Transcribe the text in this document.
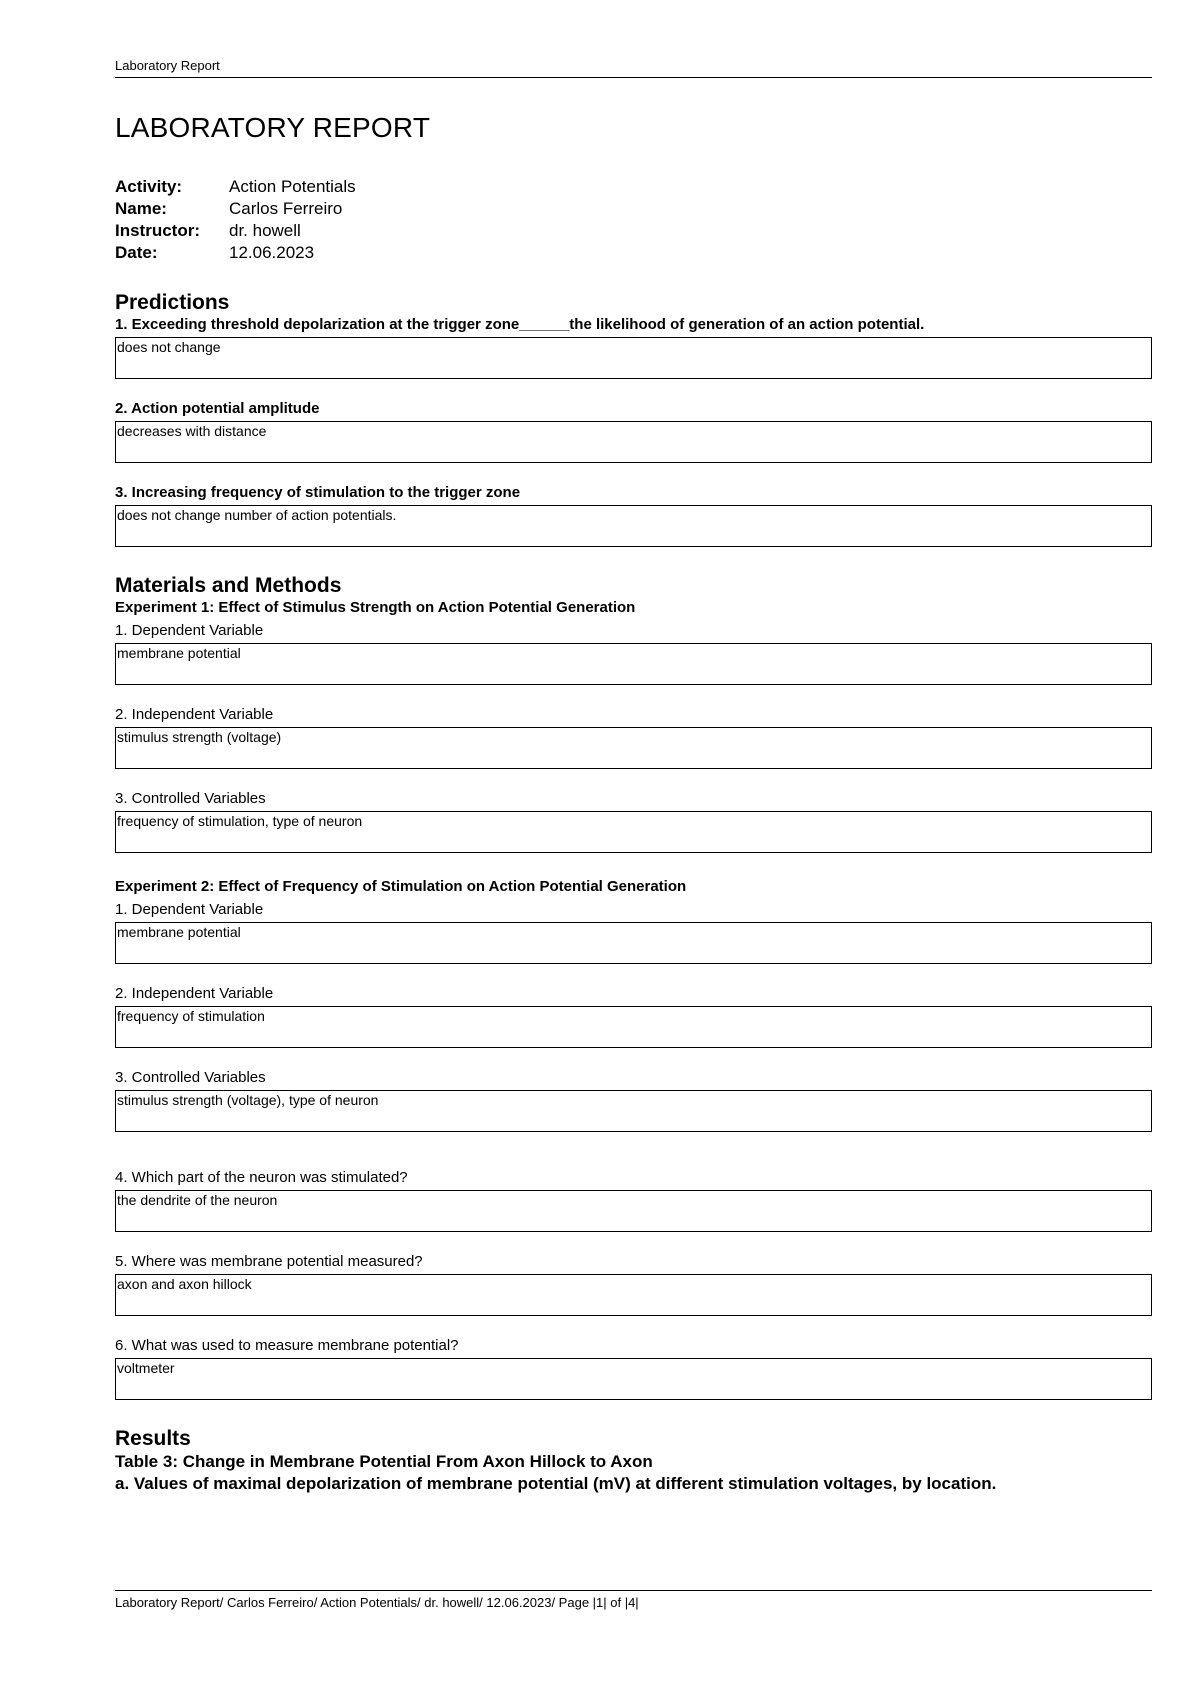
Laboratory Report
LABORATORY REPORT
Activity:	Action Potentials
Name:	Carlos Ferreiro
Instructor:	dr. howell
Date:	12.06.2023
Predictions
1. Exceeding threshold depolarization at the trigger zone______the likelihood of generation of an action potential.
does not change
2. Action potential amplitude
decreases with distance
3. Increasing frequency of stimulation to the trigger zone
does not change number of action potentials.
Materials and Methods
Experiment 1: Effect of Stimulus Strength on Action Potential Generation
1. Dependent Variable
membrane potential
2. Independent Variable
stimulus strength (voltage)
3. Controlled Variables
frequency of stimulation, type of neuron
Experiment 2: Effect of Frequency of Stimulation on Action Potential Generation
1. Dependent Variable
membrane potential
2. Independent Variable
frequency of stimulation
3. Controlled Variables
stimulus strength (voltage), type of neuron
4. Which part of the neuron was stimulated?
the dendrite of the neuron
5. Where was membrane potential measured?
axon and axon hillock
6. What was used to measure membrane potential?
voltmeter
Results
Table 3: Change in Membrane Potential From Axon Hillock to Axon
a. Values of maximal depolarization of membrane potential (mV) at different stimulation voltages, by location.
Laboratory Report/ Carlos Ferreiro/ Action Potentials/ dr. howell/ 12.06.2023/ Page |1| of |4|
